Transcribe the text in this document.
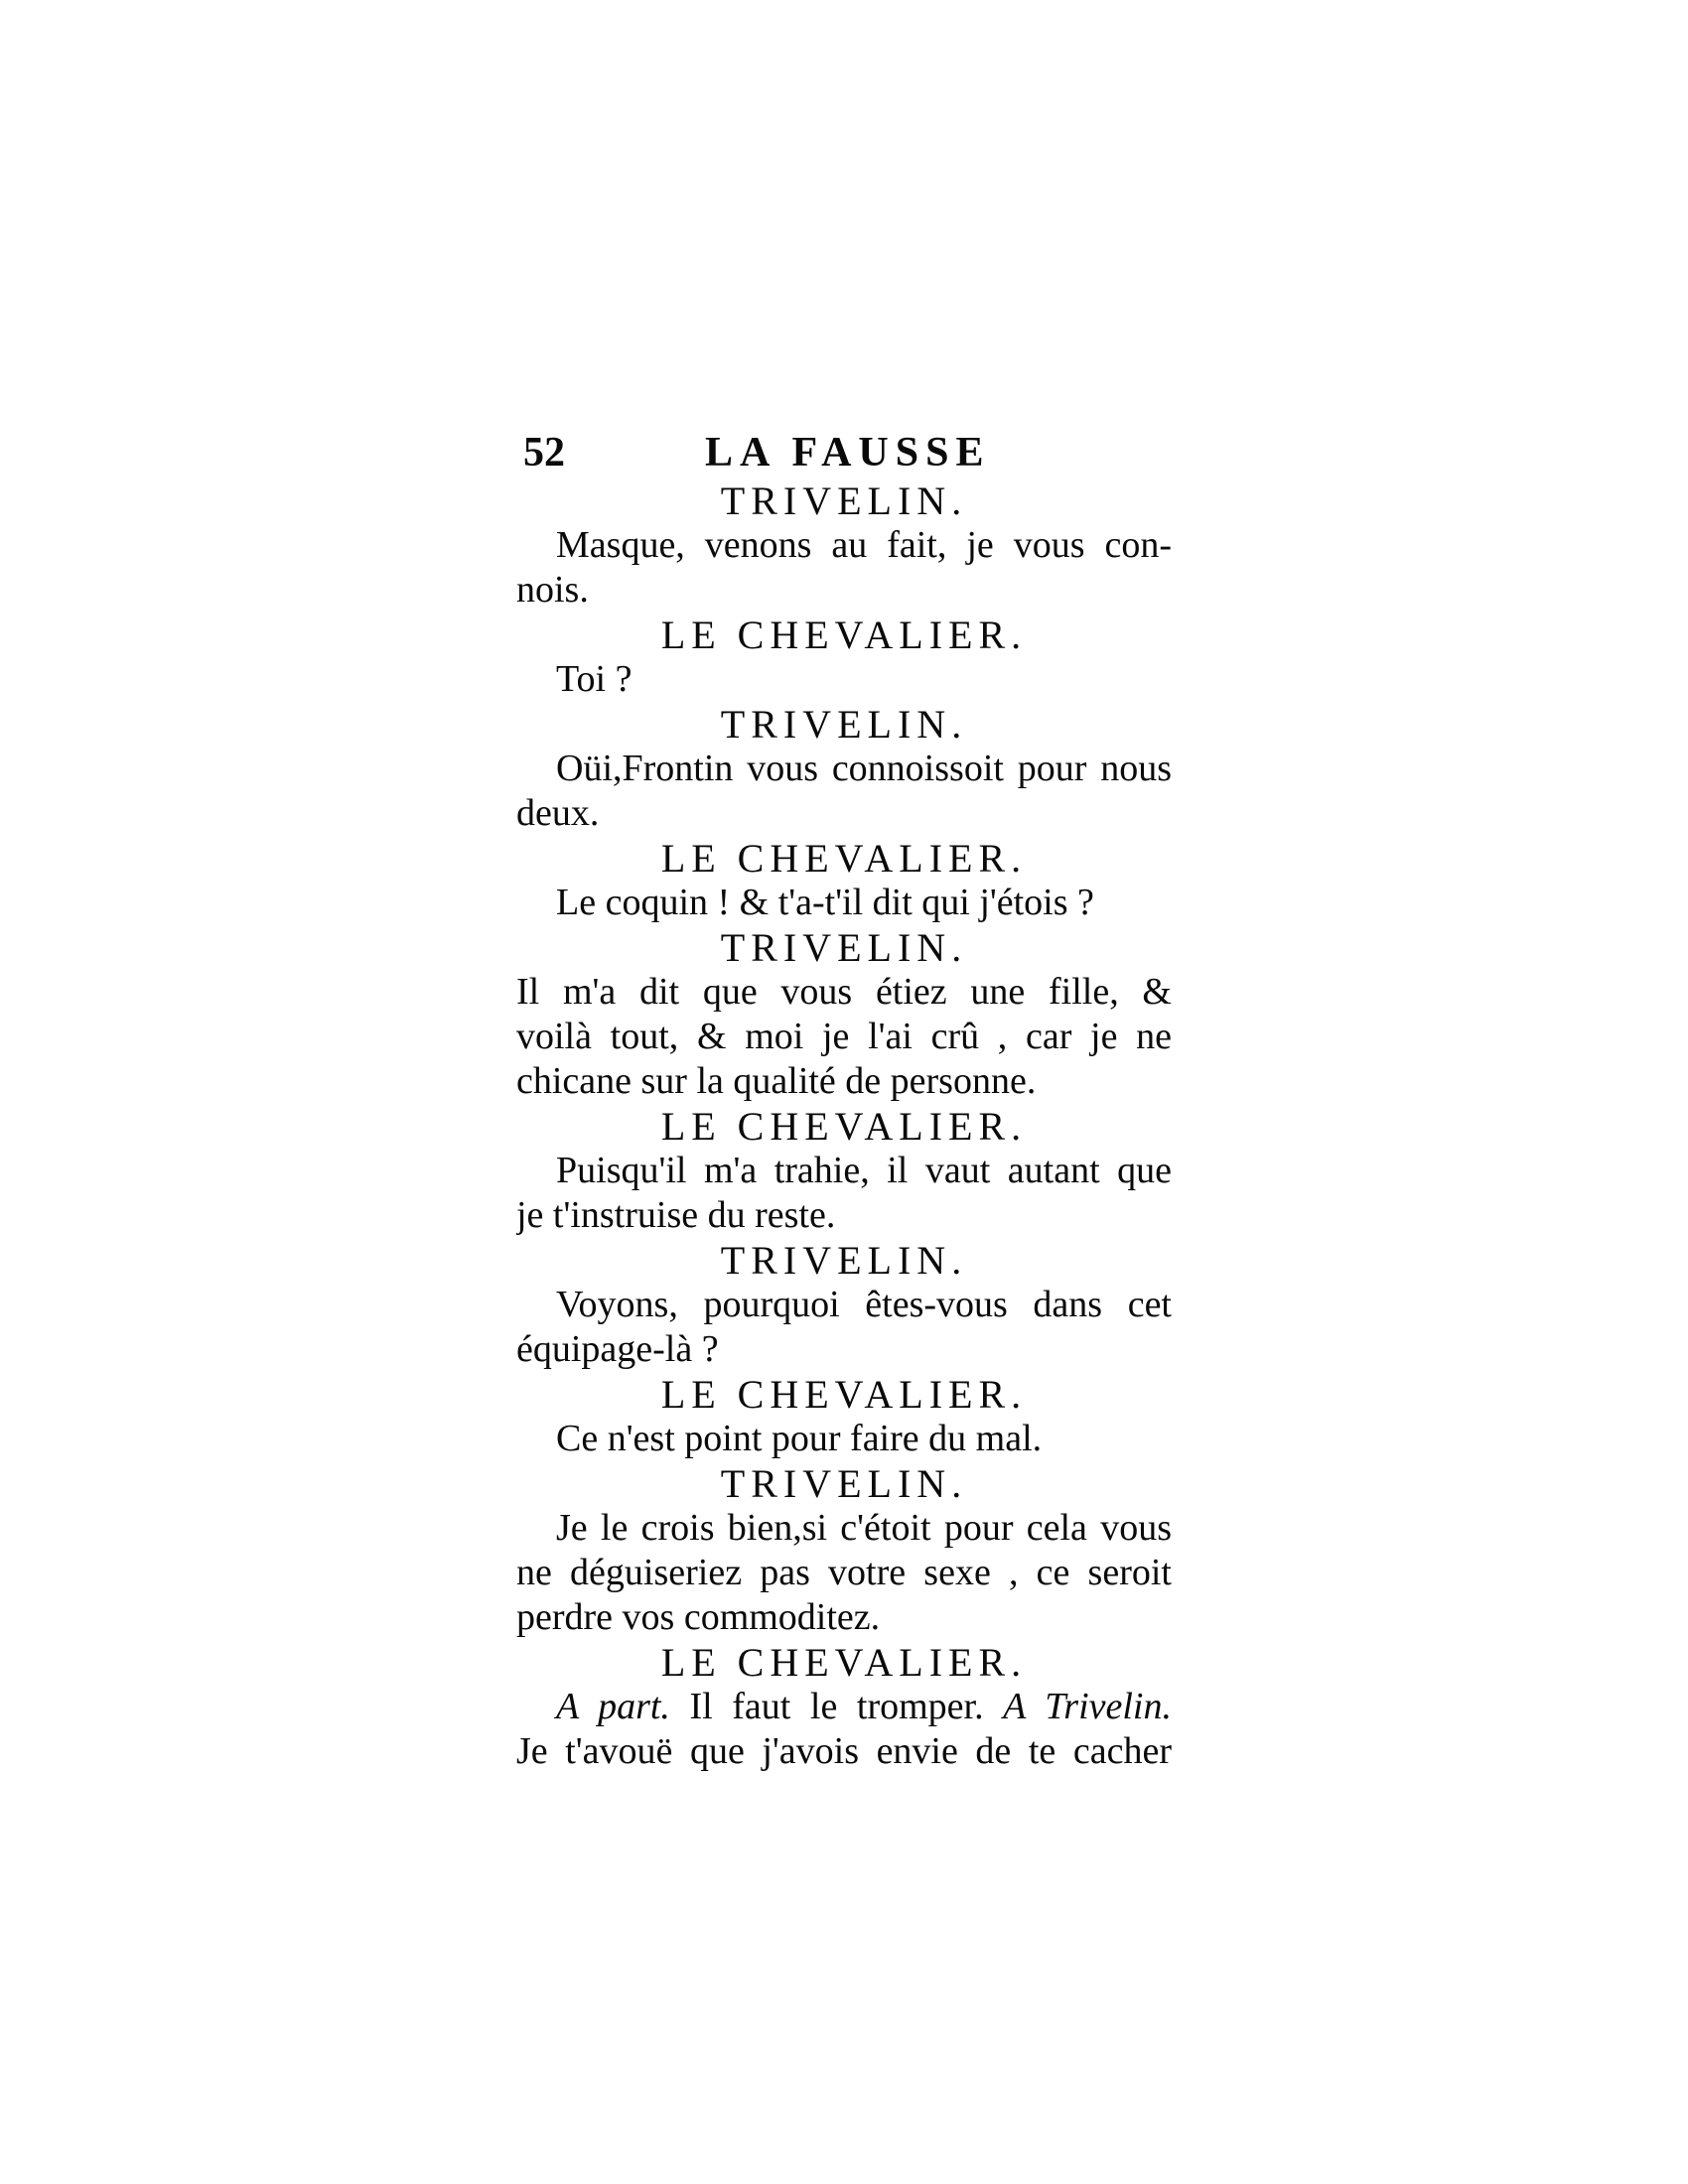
52	LA FAUSSE

TRIVELIN.

Masque, venons au fait, je vous con-

nois.

LE CHEVALIER.

Toi ?

TRIVELIN.

Oüi,Frontin vous connoissoit pour nous

deux.

LE CHEVALIER.

Le coquin ! & t'a-t'il dit qui j'étois ?

TRIVELIN.

Il m'a dit que vous étiez une fille, &

voilà tout, & moi je l'ai crû , car je ne

chicane sur la qualité de personne.

LE CHEVALIER.

Puisqu'il m'a trahie, il vaut autant que

je t'instruise du reste.

TRIVELIN.

Voyons, pourquoi êtes-vous dans cet

équipage-là ?

LE CHEVALIER.

Ce n'est point pour faire du mal.

TRIVELIN.

Je le crois bien,si c'étoit pour cela vous

ne déguiseriez pas votre sexe , ce seroit

perdre vos commoditez.

LE CHEVALIER.

A part. Il faut le tromper. A Trivelin.

Je t'avouë que j'avois envie de te cacher
